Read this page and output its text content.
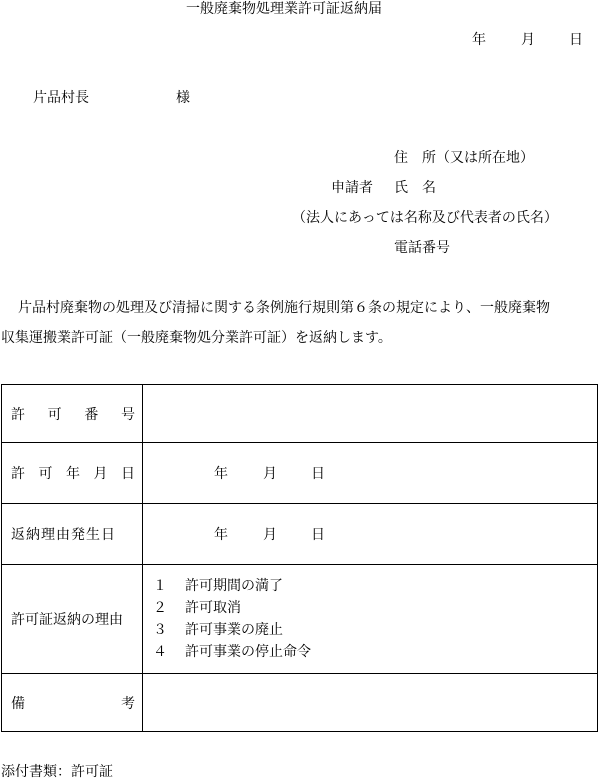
一般廃棄物処理業許可証返納届
年	月 日
片品村長	様
住　所（又は所在地）
申請者 氏　名
（法人にあっては名称及び代表者の氏名）
電話番号
片品村廃棄物の処理及び清掃に関する条例施行規則第６条の規定により、一般廃棄物
収集運搬業許可証（一般廃棄物処分業許可証）を返納します。
許 可 番 号	

許 可 年 月 日	年 月 日

返納理由発生日	年 月 日

許可証返納の理由	１ 許可期間の満了
２ 許可取消
３ 許可事業の廃止
４ 許可事業の停止命令

備 考	

添付書類：許可証
